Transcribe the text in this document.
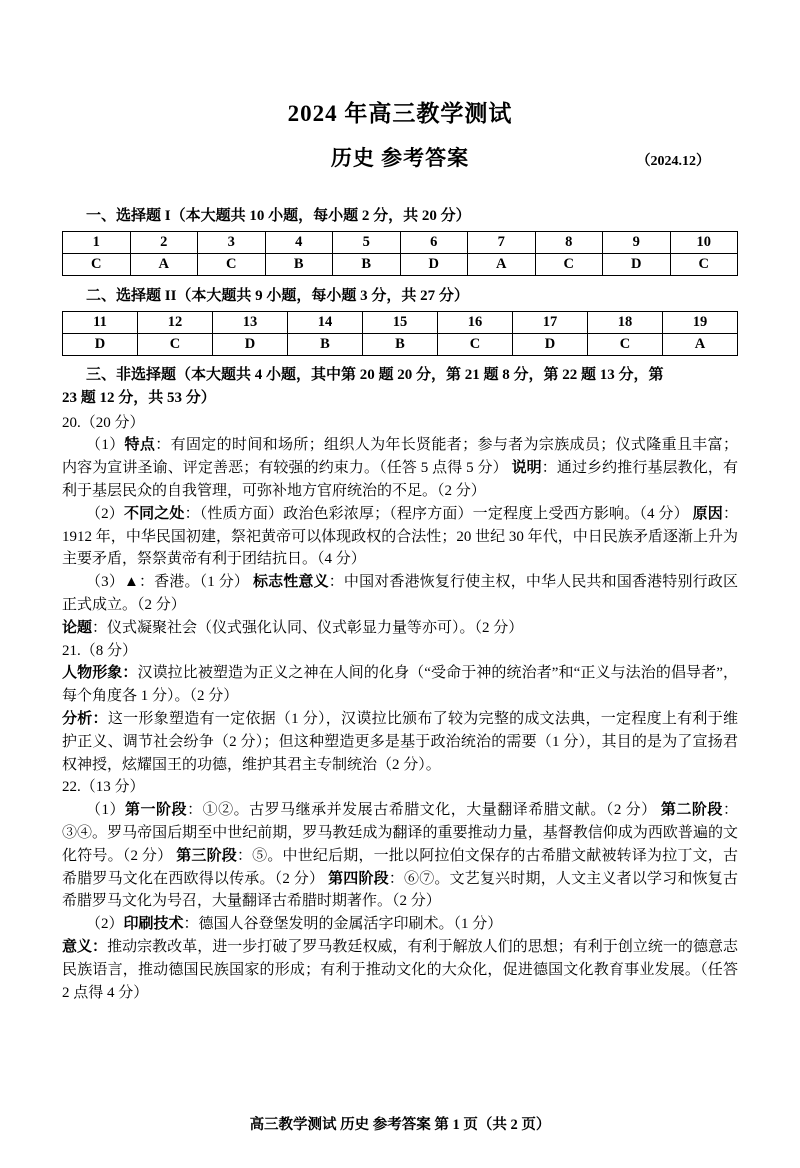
2024 年高三教学测试
历史 参考答案	（2024.12）
一、选择题 I（本大题共 10 小题，每小题 2 分，共 20 分）
1	2	3	4	5	6	7	8	9	10
C	A	C	B	B	D	A	C	D	C
二、选择题 II（本大题共 9 小题，每小题 3 分，共 27 分）
11	12	13	14	15	16	17	18	19
D	C	D	B	B	C	D	C	A
三、非选择题（本大题共 4 小题，其中第 20 题 20 分，第 21 题 8 分，第 22 题 13 分，第
23 题 12 分，共 53 分）
20.（20 分）
（1）特点：有固定的时间和场所；组织人为年长贤能者；参与者为宗族成员；仪式隆重且丰富；内容为宣讲圣谕、评定善恶；有较强的约束力。（任答 5 点得 5 分） 说明：通过乡约推行基层教化，有利于基层民众的自我管理，可弥补地方官府统治的不足。（2 分）
（2）不同之处：（性质方面）政治色彩浓厚；（程序方面）一定程度上受西方影响。（4 分） 原因：1912 年，中华民国初建，祭祀黄帝可以体现政权的合法性；20 世纪 30 年代，中日民族矛盾逐渐上升为主要矛盾，祭祭黄帝有利于团结抗日。（4 分）
（3）▲：香港。（1 分） 标志性意义：中国对香港恢复行使主权，中华人民共和国香港特别行政区正式成立。（2 分）
论题：仪式凝聚社会（仪式强化认同、仪式彰显力量等亦可）。（2 分）
21.（8 分）
人物形象：汉谟拉比被塑造为正义之神在人间的化身（“受命于神的统治者”和“正义与法治的倡导者”，每个角度各 1 分）。（2 分）
分析：这一形象塑造有一定依据（1 分），汉谟拉比颁布了较为完整的成文法典，一定程度上有利于维护正义、调节社会纷争（2 分）；但这种塑造更多是基于政治统治的需要（1 分），其目的是为了宣扬君权神授，炫耀国王的功德，维护其君主专制统治（2 分）。
22.（13 分）
（1）第一阶段：①②。古罗马继承并发展古希腊文化，大量翻译希腊文献。（2 分） 第二阶段：③④。罗马帝国后期至中世纪前期，罗马教廷成为翻译的重要推动力量，基督教信仰成为西欧普遍的文化符号。（2 分） 第三阶段：⑤。中世纪后期，一批以阿拉伯文保存的古希腊文献被转译为拉丁文，古希腊罗马文化在西欧得以传承。（2 分） 第四阶段：⑥⑦。文艺复兴时期，人文主义者以学习和恢复古希腊罗马文化为号召，大量翻译古希腊时期著作。（2 分）
（2）印刷技术：德国人谷登堡发明的金属活字印刷术。（1 分）
意义：推动宗教改革，进一步打破了罗马教廷权威，有利于解放人们的思想；有利于创立统一的德意志民族语言，推动德国民族国家的形成；有利于推动文化的大众化，促进德国文化教育事业发展。（任答 2 点得 4 分）
高三教学测试 历史 参考答案 第 1 页（共 2 页）
